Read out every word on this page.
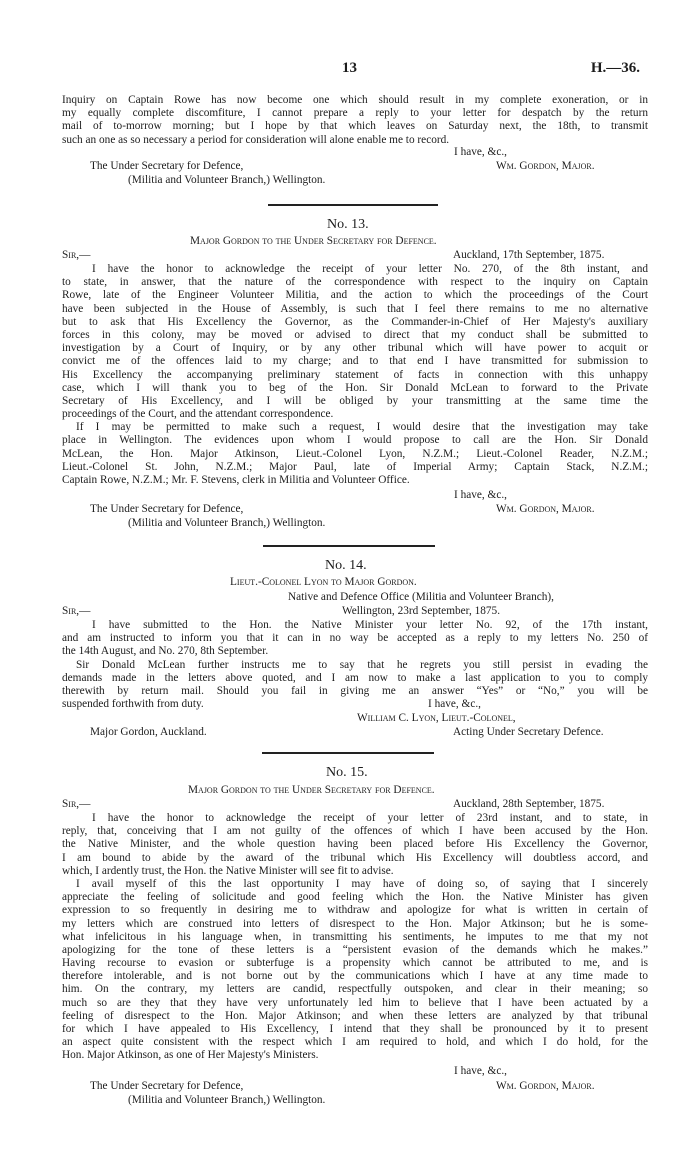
13	H.—36.
Inquiry on Captain Rowe has now become one which should result in my complete exoneration, or in
my equally complete discomfiture, I cannot prepare a reply to your letter for despatch by the return
mail of to-morrow morning; but I hope by that which leaves on Saturday next, the 18th, to transmit
such an one as so necessary a period for consideration will alone enable me to record.
I have, &c.,
The Under Secretary for Defence,	Wm. Gordon, Major.
(Militia and Volunteer Branch,) Wellington.
No. 13.
Major Gordon to the Under Secretary for Defence.
Sir,—	Auckland, 17th September, 1875.
I have the honor to acknowledge the receipt of your letter No. 270, of the 8th instant, and
to state, in answer, that the nature of the correspondence with respect to the inquiry on Captain
Rowe, late of the Engineer Volunteer Militia, and the action to which the proceedings of the Court
have been subjected in the House of Assembly, is such that I feel there remains to me no alternative
but to ask that His Excellency the Governor, as the Commander-in-Chief of Her Majesty's auxiliary
forces in this colony, may be moved or advised to direct that my conduct shall be submitted to
investigation by a Court of Inquiry, or by any other tribunal which will have power to acquit or
convict me of the offences laid to my charge; and to that end I have transmitted for submission to
His Excellency the accompanying preliminary statement of facts in connection with this unhappy
case, which I will thank you to beg of the Hon. Sir Donald McLean to forward to the Private
Secretary of His Excellency, and I will be obliged by your transmitting at the same time the
proceedings of the Court, and the attendant correspondence.
If I may be permitted to make such a request, I would desire that the investigation may take
place in Wellington. The evidences upon whom I would propose to call are the Hon. Sir Donald
McLean, the Hon. Major Atkinson, Lieut.-Colonel Lyon, N.Z.M.; Lieut.-Colonel Reader, N.Z.M.;
Lieut.-Colonel St. John, N.Z.M.; Major Paul, late of Imperial Army; Captain Stack, N.Z.M.;
Captain Rowe, N.Z.M.; Mr. F. Stevens, clerk in Militia and Volunteer Office.
I have, &c.,
The Under Secretary for Defence,	Wm. Gordon, Major.
(Militia and Volunteer Branch,) Wellington.
No. 14.
Lieut.-Colonel Lyon to Major Gordon.
Native and Defence Office (Militia and Volunteer Branch),
Sir,—	Wellington, 23rd September, 1875.
I have submitted to the Hon. the Native Minister your letter No. 92, of the 17th instant,
and am instructed to inform you that it can in no way be accepted as a reply to my letters No. 250 of
the 14th August, and No. 270, 8th September.
Sir Donald McLean further instructs me to say that he regrets you still persist in evading the
demands made in the letters above quoted, and I am now to make a last application to you to comply
therewith by return mail. Should you fail in giving me an answer “Yes” or “No,” you will be
suspended forthwith from duty.	I have, &c.,
William C. Lyon, Lieut.-Colonel,
Major Gordon, Auckland.	Acting Under Secretary Defence.
No. 15.
Major Gordon to the Under Secretary for Defence.
Sir,—	Auckland, 28th September, 1875.
I have the honor to acknowledge the receipt of your letter of 23rd instant, and to state, in
reply, that, conceiving that I am not guilty of the offences of which I have been accused by the Hon.
the Native Minister, and the whole question having been placed before His Excellency the Governor,
I am bound to abide by the award of the tribunal which His Excellency will doubtless accord, and
which, I ardently trust, the Hon. the Native Minister will see fit to advise.
I avail myself of this the last opportunity I may have of doing so, of saying that I sincerely
appreciate the feeling of solicitude and good feeling which the Hon. the Native Minister has given
expression to so frequently in desiring me to withdraw and apologize for what is written in certain of
my letters which are construed into letters of disrespect to the Hon. Major Atkinson; but he is some-
what infelicitous in his language when, in transmitting his sentiments, he imputes to me that my not
apologizing for the tone of these letters is a “persistent evasion of the demands which he makes.”
Having recourse to evasion or subterfuge is a propensity which cannot be attributed to me, and is
therefore intolerable, and is not borne out by the communications which I have at any time made to
him. On the contrary, my letters are candid, respectfully outspoken, and clear in their meaning; so
much so are they that they have very unfortunately led him to believe that I have been actuated by a
feeling of disrespect to the Hon. Major Atkinson; and when these letters are analyzed by that tribunal
for which I have appealed to His Excellency, I intend that they shall be pronounced by it to present
an aspect quite consistent with the respect which I am required to hold, and which I do hold, for the
Hon. Major Atkinson, as one of Her Majesty's Ministers.
I have, &c.,
The Under Secretary for Defence,	Wm. Gordon, Major.
(Militia and Volunteer Branch,) Wellington.
